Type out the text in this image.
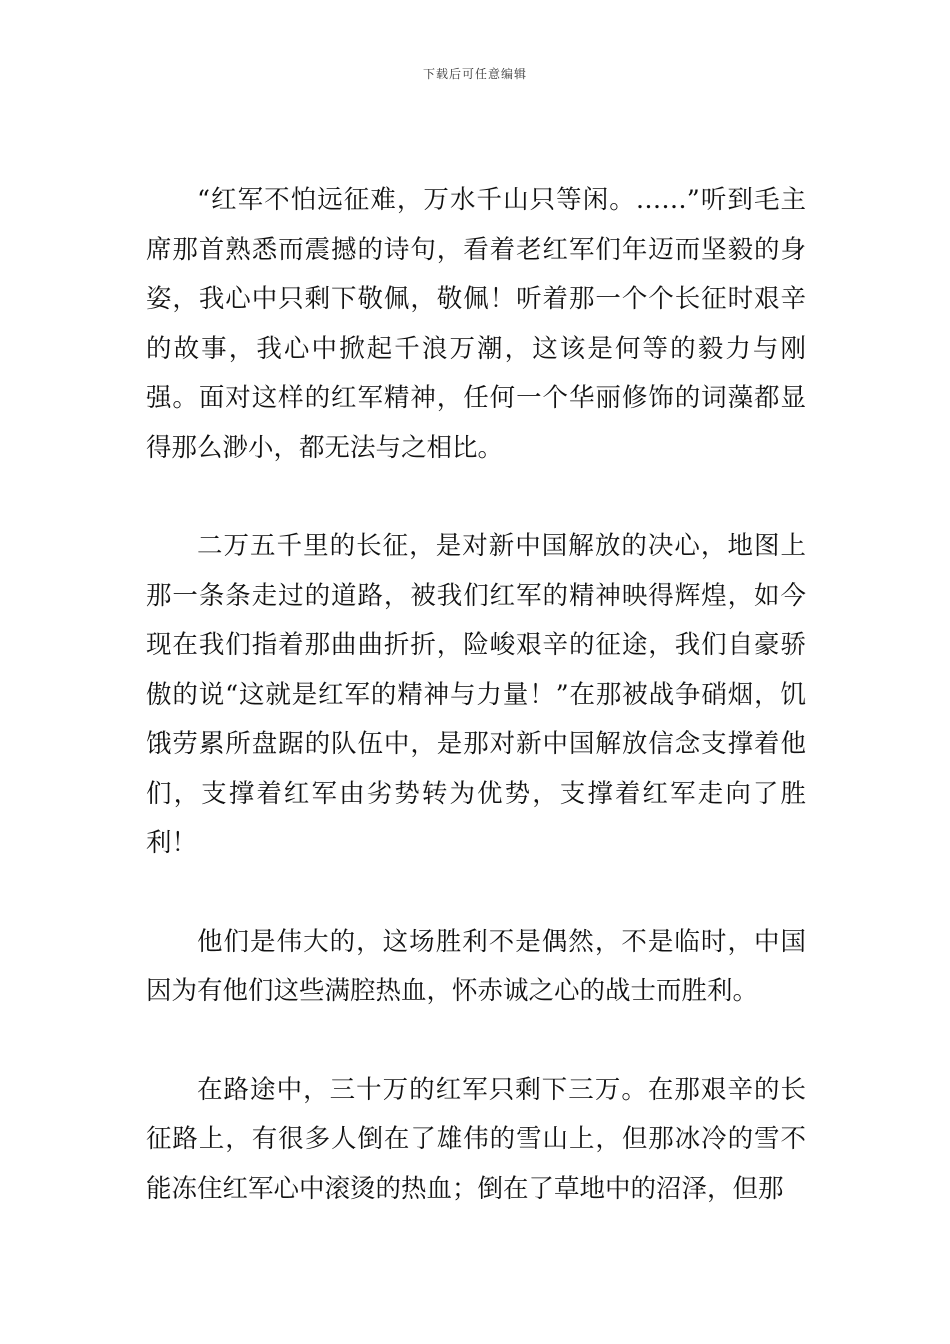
下载后可任意编辑

“红军不怕远征难，万水千山只等闲。……”听到毛主席那首熟悉而震撼的诗句，看着老红军们年迈而坚毅的身姿，我心中只剩下敬佩，敬佩！听着那一个个长征时艰辛的故事，我心中掀起千浪万潮，这该是何等的毅力与刚强。面对这样的红军精神，任何一个华丽修饰的词藻都显得那么渺小，都无法与之相比。

二万五千里的长征，是对新中国解放的决心，地图上那一条条走过的道路，被我们红军的精神映得辉煌，如今现在我们指着那曲曲折折，险峻艰辛的征途，我们自豪骄傲的说“这就是红军的精神与力量！”在那被战争硝烟，饥饿劳累所盘踞的队伍中，是那对新中国解放信念支撑着他们，支撑着红军由劣势转为优势，支撑着红军走向了胜利！

他们是伟大的，这场胜利不是偶然，不是临时，中国因为有他们这些满腔热血，怀赤诚之心的战士而胜利。

在路途中，三十万的红军只剩下三万。在那艰辛的长征路上，有很多人倒在了雄伟的雪山上，但那冰冷的雪不能冻住红军心中滚烫的热血；倒在了草地中的沼泽，但那
